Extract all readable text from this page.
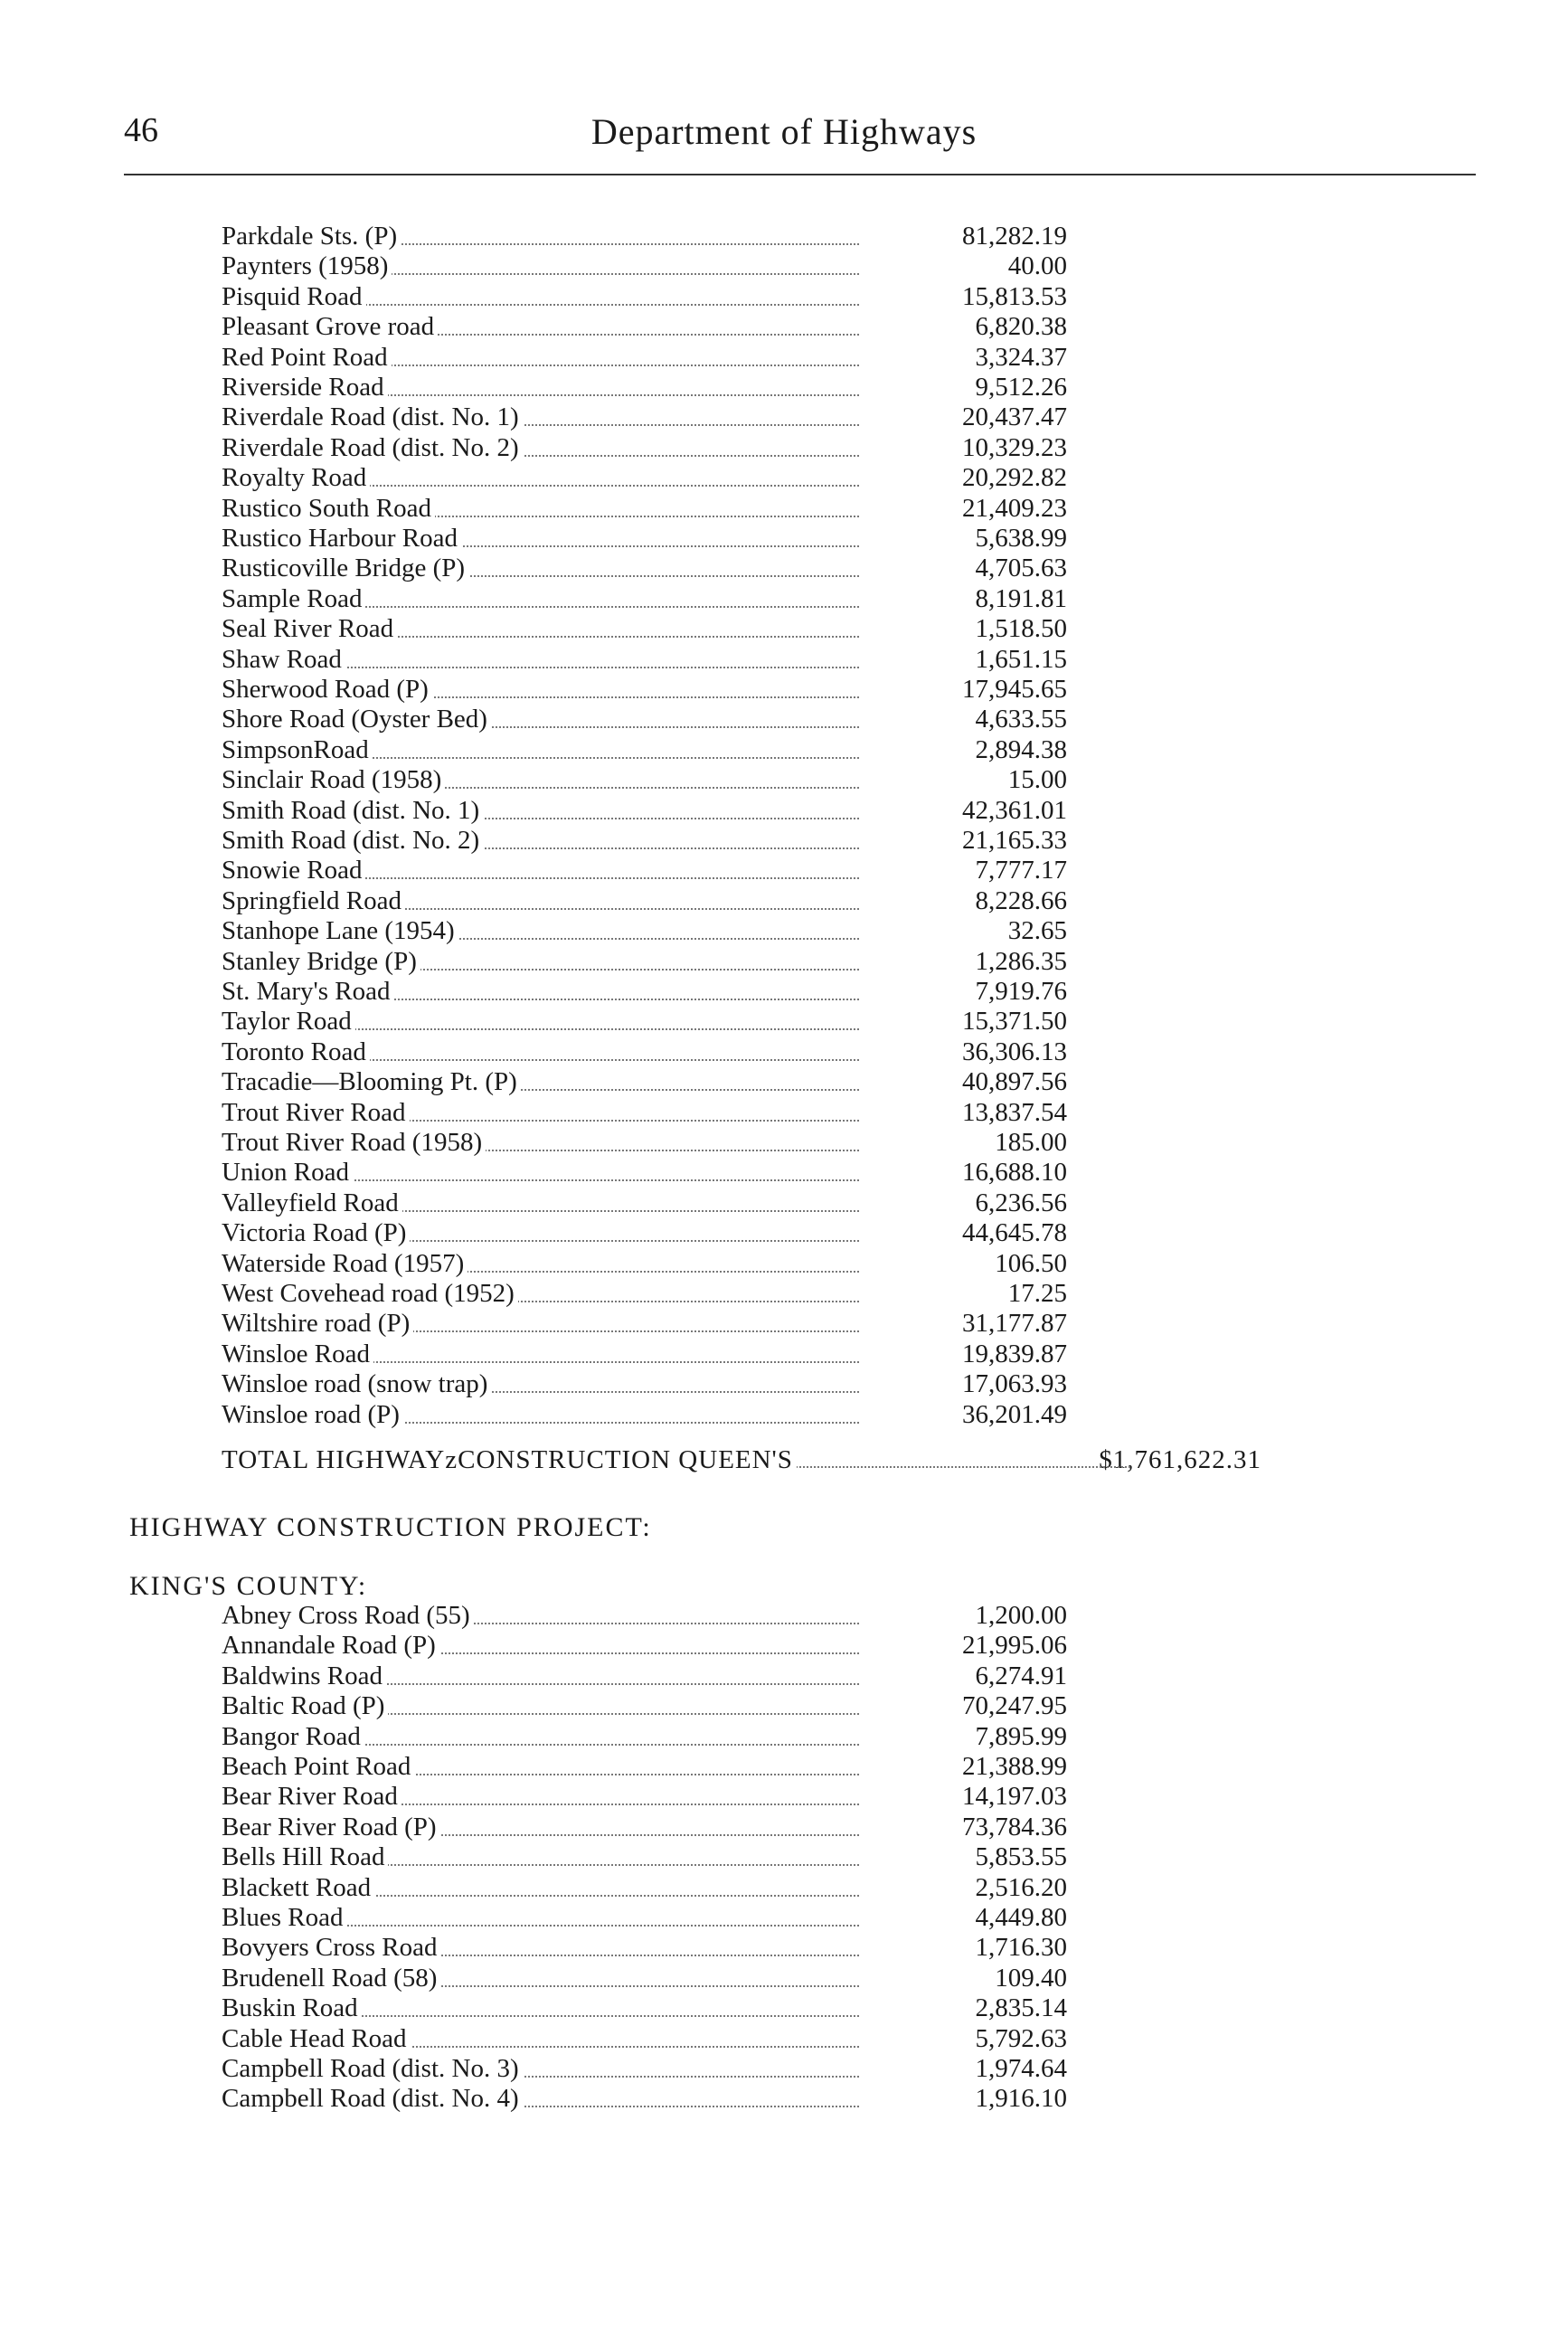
46	Department of Highways
Parkdale Sts. (P)	81,282.19
Paynters (1958)	40.00
Pisquid Road	15,813.53
Pleasant Grove road	6,820.38
Red Point Road	3,324.37
Riverside Road	9,512.26
Riverdale Road (dist. No. 1)	20,437.47
Riverdale Road (dist. No. 2)	10,329.23
Royalty Road	20,292.82
Rustico South Road	21,409.23
Rustico Harbour Road	5,638.99
Rusticoville Bridge (P)	4,705.63
Sample Road	8,191.81
Seal River Road	1,518.50
Shaw Road	1,651.15
Sherwood Road (P)	17,945.65
Shore Road (Oyster Bed)	4,633.55
SimpsonRoad	2,894.38
Sinclair Road (1958)	15.00
Smith Road (dist. No. 1)	42,361.01
Smith Road (dist. No. 2)	21,165.33
Snowie Road	7,777.17
Springfield Road	8,228.66
Stanhope Lane (1954)	32.65
Stanley Bridge (P)	1,286.35
St. Mary's Road	7,919.76
Taylor Road	15,371.50
Toronto Road	36,306.13
Tracadie—Blooming Pt. (P)	40,897.56
Trout River Road	13,837.54
Trout River Road (1958)	185.00
Union Road	16,688.10
Valleyfield Road	6,236.56
Victoria Road (P)	44,645.78
Waterside Road (1957)	106.50
West Covehead road (1952)	17.25
Wiltshire road (P)	31,177.87
Winsloe Road	19,839.87
Winsloe road (snow trap)	17,063.93
Winsloe road (P)	36,201.49
TOTAL HIGHWAYzCONSTRUCTION QUEEN'S	$1,761,622.31
HIGHWAY CONSTRUCTION PROJECT:
KING'S COUNTY:
Abney Cross Road (55)	1,200.00
Annandale Road (P)	21,995.06
Baldwins Road	6,274.91
Baltic Road (P)	70,247.95
Bangor Road	7,895.99
Beach Point Road	21,388.99
Bear River Road	14,197.03
Bear River Road (P)	73,784.36
Bells Hill Road	5,853.55
Blackett Road	2,516.20
Blues Road	4,449.80
Bovyers Cross Road	1,716.30
Brudenell Road (58)	109.40
Buskin Road	2,835.14
Cable Head Road	5,792.63
Campbell Road (dist. No. 3)	1,974.64
Campbell Road (dist. No. 4)	1,916.10
